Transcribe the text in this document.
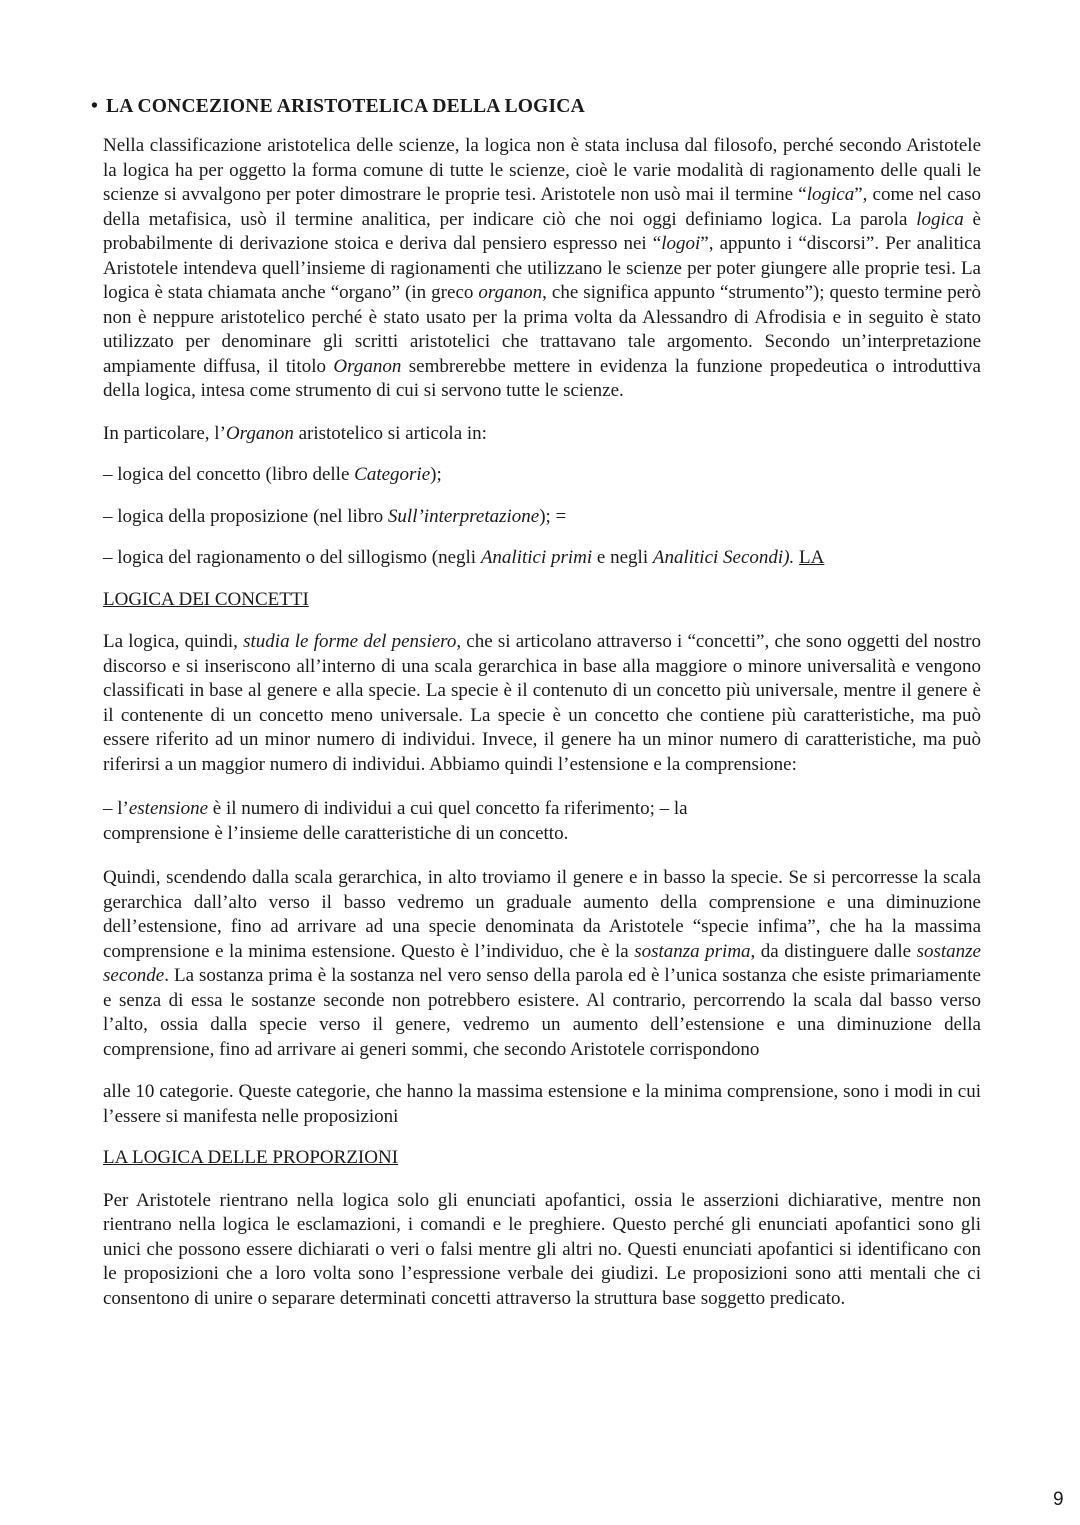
• LA CONCEZIONE ARISTOTELICA DELLA LOGICA

Nella classificazione aristotelica delle scienze, la logica non è stata inclusa dal filosofo, perché secondo Aristotele la logica ha per oggetto la forma comune di tutte le scienze, cioè le varie modalità di ragionamento delle quali le scienze si avvalgono per poter dimostrare le proprie tesi. Aristotele non usò mai il termine “logica”, come nel caso della metafisica, usò il termine analitica, per indicare ciò che noi oggi definiamo logica. La parola logica è probabilmente di derivazione stoica e deriva dal pensiero espresso nei “logoi”, appunto i “discorsi”. Per analitica Aristotele intendeva quell’insieme di ragionamenti che utilizzano le scienze per poter giungere alle proprie tesi. La logica è stata chiamata anche “organo” (in greco organon, che significa appunto “strumento”); questo termine però non è neppure aristotelico perché è stato usato per la prima volta da Alessandro di Afrodisia e in seguito è stato utilizzato per denominare gli scritti aristotelici che trattavano tale argomento. Secondo un’interpretazione ampiamente diffusa, il titolo Organon sembrerebbe mettere in evidenza la funzione propedeutica o introduttiva della logica, intesa come strumento di cui si servono tutte le scienze.

In particolare, l’Organon aristotelico si articola in:

– logica del concetto (libro delle Categorie);
– logica della proposizione (nel libro Sull’interpretazione); =
– logica del ragionamento o del sillogismo (negli Analitici primi e negli Analitici Secondi). LA
LOGICA DEI CONCETTI

La logica, quindi, studia le forme del pensiero, che si articolano attraverso i “concetti”, che sono oggetti del nostro discorso e si inseriscono all’interno di una scala gerarchica in base alla maggiore o minore universalità e vengono classificati in base al genere e alla specie. La specie è il contenuto di un concetto più universale, mentre il genere è il contenente di un concetto meno universale. La specie è un concetto che contiene più caratteristiche, ma può essere riferito ad un minor numero di individui. Invece, il genere ha un minor numero di caratteristiche, ma può riferirsi a un maggior numero di individui. Abbiamo quindi l’estensione e la comprensione:

– l’estensione è il numero di individui a cui quel concetto fa riferimento; – la
comprensione è l’insieme delle caratteristiche di un concetto.

Quindi, scendendo dalla scala gerarchica, in alto troviamo il genere e in basso la specie. Se si percorresse la scala gerarchica dall’alto verso il basso vedremo un graduale aumento della comprensione e una diminuzione dell’estensione, fino ad arrivare ad una specie denominata da Aristotele “specie infima”, che ha la massima comprensione e la minima estensione. Questo è l’individuo, che è la sostanza prima, da distinguere dalle sostanze seconde. La sostanza prima è la sostanza nel vero senso della parola ed è l’unica sostanza che esiste primariamente e senza di essa le sostanze seconde non potrebbero esistere. Al contrario, percorrendo la scala dal basso verso l’alto, ossia dalla specie verso il genere, vedremo un aumento dell’estensione e una diminuzione della comprensione, fino ad arrivare ai generi sommi, che secondo Aristotele corrispondono

alle 10 categorie. Queste categorie, che hanno la massima estensione e la minima comprensione, sono i modi in cui l’essere si manifesta nelle proposizioni

LA LOGICA DELLE PROPORZIONI

Per Aristotele rientrano nella logica solo gli enunciati apofantici, ossia le asserzioni dichiarative, mentre non rientrano nella logica le esclamazioni, i comandi e le preghiere. Questo perché gli enunciati apofantici sono gli unici che possono essere dichiarati o veri o falsi mentre gli altri no. Questi enunciati apofantici si identificano con le proposizioni che a loro volta sono l’espressione verbale dei giudizi. Le proposizioni sono atti mentali che ci consentono di unire o separare determinati concetti attraverso la struttura base soggetto predicato.

9
